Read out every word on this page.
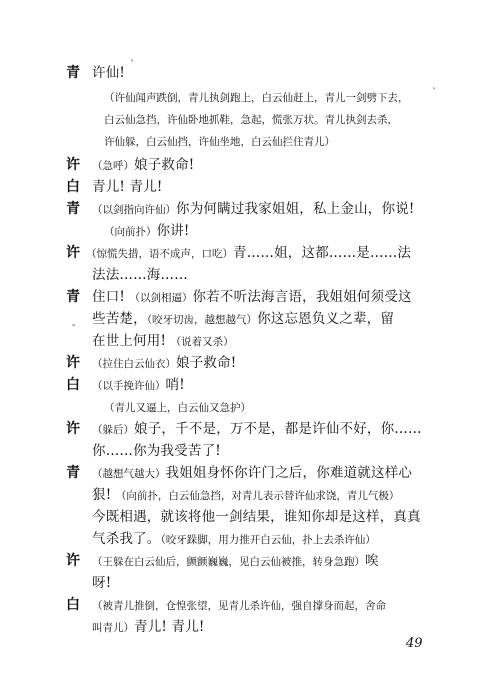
`
`
-
青 许仙!
（许仙闻声跌倒，青儿执剑跑上，白云仙赶上，青儿一剑劈下去，
白云仙急挡，许仙卧地抓鞋，急起，慌张万状。青儿执剑去杀，
许仙躲，白云仙挡，许仙坐地，白云仙拦住青儿）
许 （急呼）娘子救命!
白 青儿! 青儿!
青 （以剑指向许仙）你为何瞒过我家姐姐，私上金山，你说!
（向前扑）你讲!
许 （惊慌失措，语不成声，口吃）青……姐，这都……是……法
法法……海……
青 住口! （以剑相逼）你若不听法海言语，我姐姐何须受这
些苦楚，（咬牙切齿，越想越气）你这忘恩负义之辈，留
在世上何用! （说着又杀）
许 （拉住白云仙衣）娘子救命!
白 （以手挽许仙）哨!
（青儿又逼上，白云仙又急护）
许 （躲后）娘子，千不是，万不是，都是许仙不好，你……
你……你为我受苦了!
青 （越想气越大）我姐姐身怀你许门之后，你难道就这样心
狠! （向前扑，白云仙急挡，对青儿表示替许仙求饶，青儿气极）
今既相遇，就该将他一剑结果，谁知你却是这样，真真
气杀我了。（咬牙跺脚，用力推开白云仙，扑上去杀许仙）
许 （王躲在白云仙后，颤颤巍巍，见白云仙被推，转身急跑）唉
呀!
白 （被青儿推倒，仓惶张望，见青儿杀许仙，强自撑身而起，舍命
叫青儿）青儿! 青儿!
49
